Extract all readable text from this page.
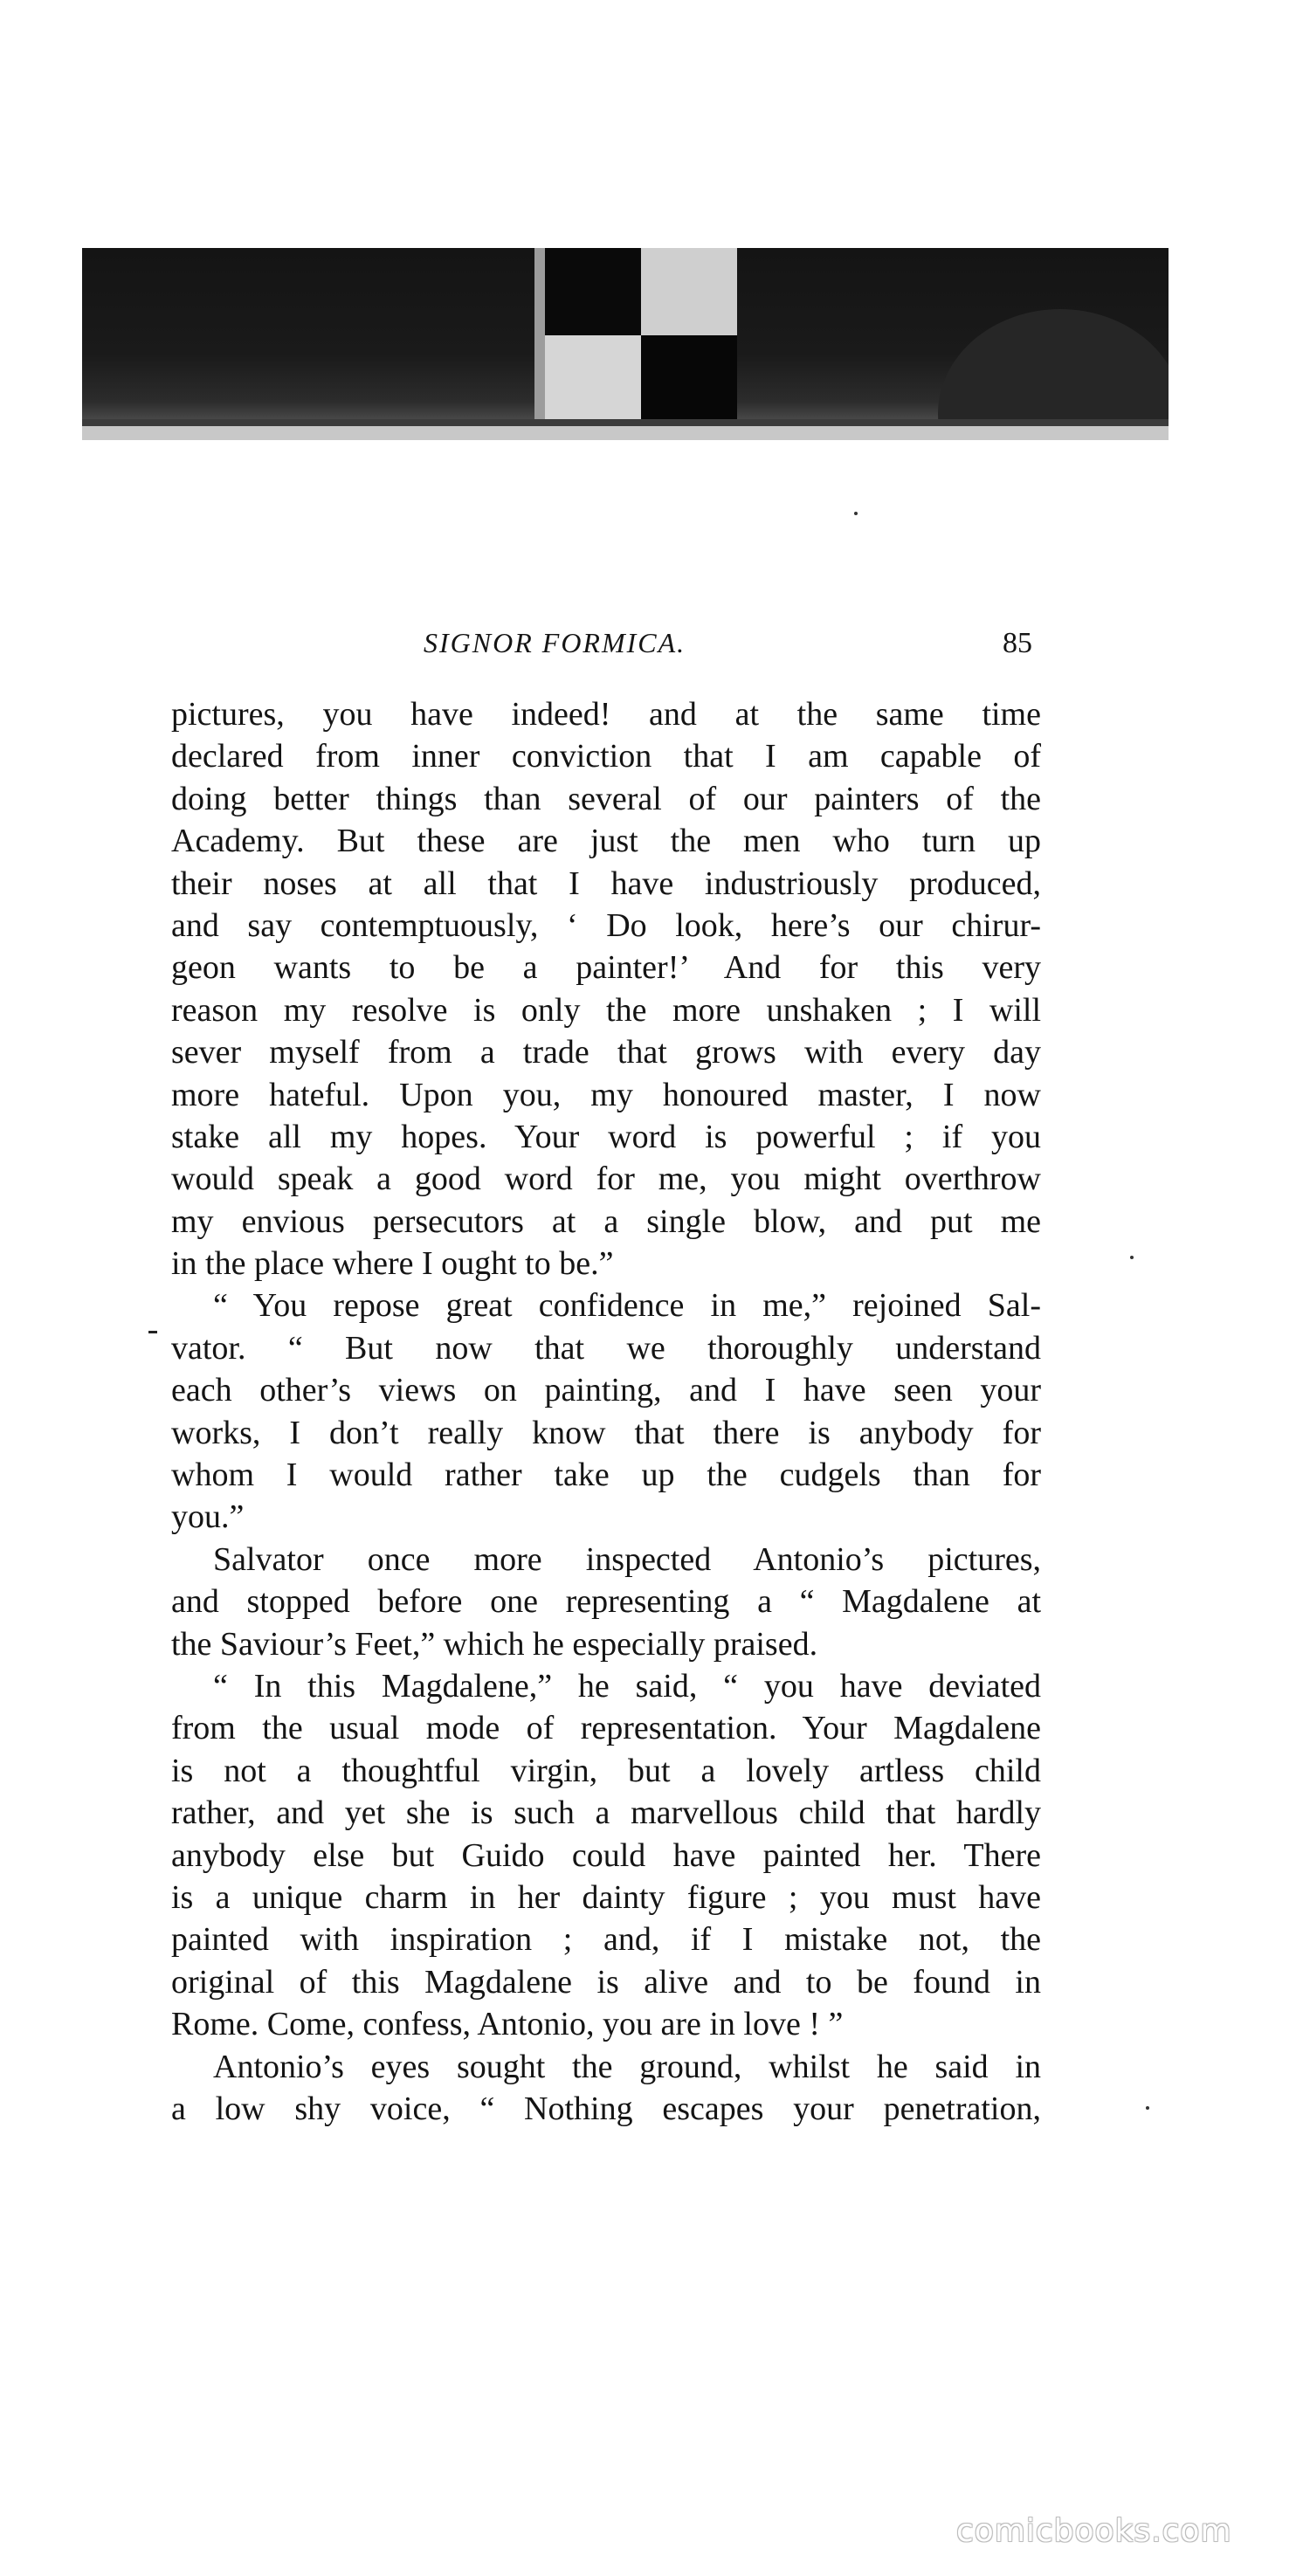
SIGNOR FORMICA.	85
pictures, you have indeed! and at the same time
declared from inner conviction that I am capable of
doing better things than several of our painters of the
Academy. But these are just the men who turn up
their noses at all that I have industriously produced,
and say contemptuously, ‘ Do look, here’s our chirur-
geon wants to be a painter!’ And for this very
reason my resolve is only the more unshaken ; I will
sever myself from a trade that grows with every day
more hateful. Upon you, my honoured master, I now
stake all my hopes. Your word is powerful ; if you
would speak a good word for me, you might overthrow
my envious persecutors at a single blow, and put me
in the place where I ought to be.”
“ You repose great confidence in me,” rejoined Sal-
vator. “ But now that we thoroughly understand
each other’s views on painting, and I have seen your
works, I don’t really know that there is anybody for
whom I would rather take up the cudgels than for
you.”
Salvator once more inspected Antonio’s pictures,
and stopped before one representing a “ Magdalene at
the Saviour’s Feet,” which he especially praised.
“ In this Magdalene,” he said, “ you have deviated
from the usual mode of representation. Your Magdalene
is not a thoughtful virgin, but a lovely artless child
rather, and yet she is such a marvellous child that hardly
anybody else but Guido could have painted her. There
is a unique charm in her dainty figure ; you must have
painted with inspiration ; and, if I mistake not, the
original of this Magdalene is alive and to be found in
Rome. Come, confess, Antonio, you are in love ! ”
Antonio’s eyes sought the ground, whilst he said in
a low shy voice, “ Nothing escapes your penetration,
comicbooks.com
